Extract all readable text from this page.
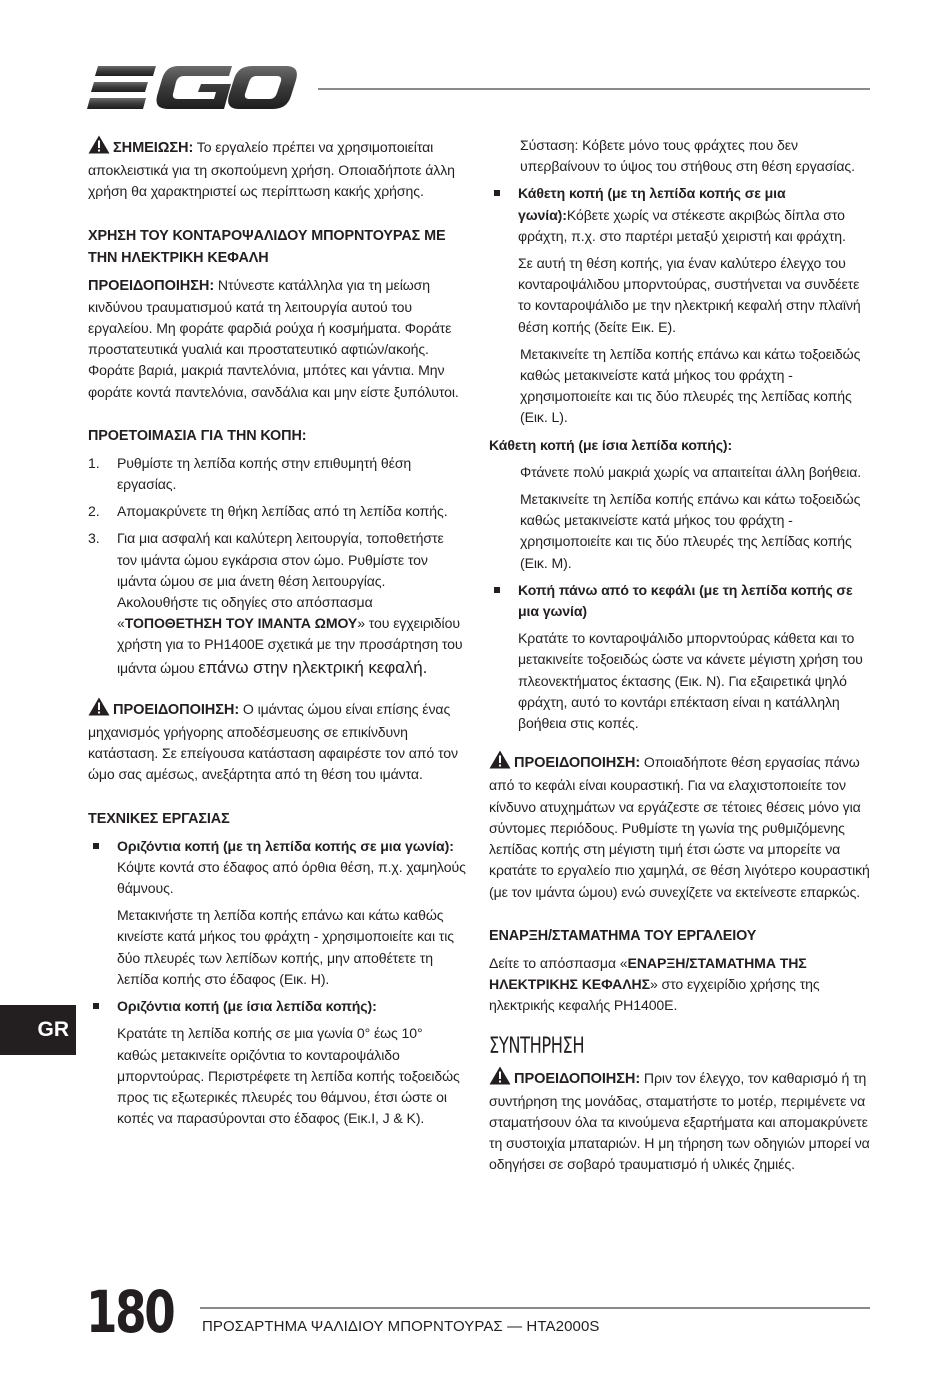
EGO

ΣΗΜΕΙΩΣΗ: Το εργαλείο πρέπει να χρησιμοποιείται αποκλειστικά για τη σκοπούμενη χρήση. Οποιαδήποτε άλλη χρήση θα χαρακτηριστεί ως περίπτωση κακής χρήσης.

ΧΡΗΣΗ ΤΟΥ ΚΟΝΤΑΡΟΨΑΛΙΔΟΥ ΜΠΟΡΝΤΟΥΡΑΣ ΜΕ ΤΗΝ ΗΛΕΚΤΡΙΚΗ ΚΕΦΑΛΗ

ΠΡΟΕΙΔΟΠΟΙΗΣΗ: Ντύνεστε κατάλληλα για τη μείωση κινδύνου τραυματισμού κατά τη λειτουργία αυτού του εργαλείου. Μη φοράτε φαρδιά ρούχα ή κοσμήματα. Φοράτε προστατευτικά γυαλιά και προστατευτικό αφτιών/ακοής. Φοράτε βαριά, μακριά παντελόνια, μπότες και γάντια. Μην φοράτε κοντά παντελόνια, σανδάλια και μην είστε ξυπόλυτοι.

ΠΡΟΕΤΟΙΜΑΣΙΑ ΓΙΑ ΤΗΝ ΚΟΠΗ:

1. Ρυθμίστε τη λεπίδα κοπής στην επιθυμητή θέση εργασίας.
2. Απομακρύνετε τη θήκη λεπίδας από τη λεπίδα κοπής.
3. Για μια ασφαλή και καλύτερη λειτουργία, τοποθετήστε τον ιμάντα ώμου εγκάρσια στον ώμο. Ρυθμίστε τον ιμάντα ώμου σε μια άνετη θέση λειτουργίας. Ακολουθήστε τις οδηγίες στο απόσπασμα «ΤΟΠΟΘΕΤΗΣΗ ΤΟΥ ΙΜΑΝΤΑ ΩΜΟΥ» του εγχειριδίου χρήστη για το PH1400E σχετικά με την προσάρτηση του ιμάντα ώμου επάνω στην ηλεκτρική κεφαλή.

ΠΡΟΕΙΔΟΠΟΙΗΣΗ: Ο ιμάντας ώμου είναι επίσης ένας μηχανισμός γρήγορης αποδέσμευσης σε επικίνδυνη κατάσταση. Σε επείγουσα κατάσταση αφαιρέστε τον από τον ώμο σας αμέσως, ανεξάρτητα από τη θέση του ιμάντα.

ΤΕΧΝΙΚΕΣ ΕΡΓΑΣΙΑΣ

Οριζόντια κοπή (με τη λεπίδα κοπής σε μια γωνία): Κόψτε κοντά στο έδαφος από όρθια θέση, π.χ. χαμηλούς θάμνους.

Μετακινήστε τη λεπίδα κοπής επάνω και κάτω καθώς κινείστε κατά μήκος του φράχτη - χρησιμοποιείτε και τις δύο πλευρές των λεπίδων κοπής, μην αποθέτετε τη λεπίδα κοπής στο έδαφος (Εικ. H).

Οριζόντια κοπή (με ίσια λεπίδα κοπής):

Κρατάτε τη λεπίδα κοπής σε μια γωνία 0° έως 10° καθώς μετακινείτε οριζόντια το κονταροψάλιδο μπορντούρας. Περιστρέφετε τη λεπίδα κοπής τοξοειδώς προς τις εξωτερικές πλευρές του θάμνου, έτσι ώστε οι κοπές να παρασύρονται στο έδαφος (Εικ.I, J & K).

Σύσταση: Κόβετε μόνο τους φράχτες που δεν υπερβαίνουν το ύψος του στήθους στη θέση εργασίας.

Κάθετη κοπή (με τη λεπίδα κοπής σε μια γωνία):Κόβετε χωρίς να στέκεστε ακριβώς δίπλα στο φράχτη, π.χ. στο παρτέρι μεταξύ χειριστή και φράχτη.

Σε αυτή τη θέση κοπής, για έναν καλύτερο έλεγχο του κονταροψάλιδου μπορντούρας, συστήνεται να συνδέετε το κονταροψάλιδο με την ηλεκτρική κεφαλή στην πλαϊνή θέση κοπής (δείτε Εικ. E).

Μετακινείτε τη λεπίδα κοπής επάνω και κάτω τοξοειδώς καθώς μετακινείστε κατά μήκος του φράχτη - χρησιμοποιείτε και τις δύο πλευρές της λεπίδας κοπής (Εικ. L).

Κάθετη κοπή (με ίσια λεπίδα κοπής):

Φτάνετε πολύ μακριά χωρίς να απαιτείται άλλη βοήθεια.

Μετακινείτε τη λεπίδα κοπής επάνω και κάτω τοξοειδώς καθώς μετακινείστε κατά μήκος του φράχτη - χρησιμοποιείτε και τις δύο πλευρές της λεπίδας κοπής (Εικ. M).

Κοπή πάνω από το κεφάλι (με τη λεπίδα κοπής σε μια γωνία)

Κρατάτε το κονταροψάλιδο μπορντούρας κάθετα και το μετακινείτε τοξοειδώς ώστε να κάνετε μέγιστη χρήση του πλεονεκτήματος έκτασης (Εικ. N). Για εξαιρετικά ψηλό φράχτη, αυτό το κοντάρι επέκταση είναι η κατάλληλη βοήθεια στις κοπές.

ΠΡΟΕΙΔΟΠΟΙΗΣΗ: Οποιαδήποτε θέση εργασίας πάνω από το κεφάλι είναι κουραστική. Για να ελαχιστοποιείτε τον κίνδυνο ατυχημάτων να εργάζεστε σε τέτοιες θέσεις μόνο για σύντομες περιόδους. Ρυθμίστε τη γωνία της ρυθμιζόμενης λεπίδας κοπής στη μέγιστη τιμή έτσι ώστε να μπορείτε να κρατάτε το εργαλείο πιο χαμηλά, σε θέση λιγότερο κουραστική (με τον ιμάντα ώμου) ενώ συνεχίζετε να εκτείνεστε επαρκώς.

ΕΝΑΡΞΗ/ΣΤΑΜΑΤΗΜΑ ΤΟΥ ΕΡΓΑΛΕΙΟΥ

Δείτε το απόσπασμα «ΕΝΑΡΞΗ/ΣΤΑΜΑΤΗΜΑ ΤΗΣ ΗΛΕΚΤΡΙΚΗΣ ΚΕΦΑΛΗΣ» στο εγχειρίδιο χρήσης της ηλεκτρικής κεφαλής PH1400E.

ΣΥΝΤΗΡΗΣΗ

ΠΡΟΕΙΔΟΠΟΙΗΣΗ: Πριν τον έλεγχο, τον καθαρισμό ή τη συντήρηση της μονάδας, σταματήστε το μοτέρ, περιμένετε να σταματήσουν όλα τα κινούμενα εξαρτήματα και απομακρύνετε τη συστοιχία μπαταριών. Η μη τήρηση των οδηγιών μπορεί να οδηγήσει σε σοβαρό τραυματισμό ή υλικές ζημιές.

GR
180 ΠΡΟΣΑΡΤΗΜΑ ΨΑΛΙΔΙΟΥ ΜΠΟΡΝΤΟΥΡΑΣ — HTA2000S
